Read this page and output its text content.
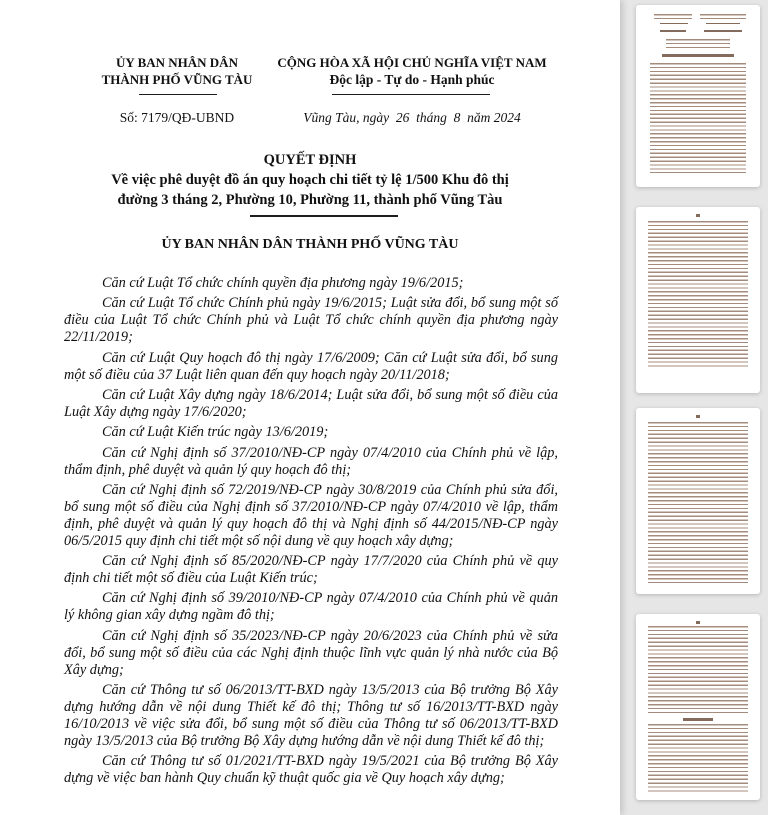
ỦY BAN NHÂN DÂN
THÀNH PHỐ VŨNG TÀU
CỘNG HÒA XÃ HỘI CHỦ NGHĨA VIỆT NAM
Độc lập - Tự do - Hạnh phúc
Số: 7179/QĐ-UBND	Vũng Tàu, ngày  26  tháng  8  năm 2024
QUYẾT ĐỊNH
Về việc phê duyệt đồ án quy hoạch chi tiết tỷ lệ 1/500 Khu đô thị
đường 3 tháng 2, Phường 10, Phường 11, thành phố Vũng Tàu
ỦY BAN NHÂN DÂN THÀNH PHỐ VŨNG TÀU

Căn cứ Luật Tổ chức chính quyền địa phương ngày 19/6/2015;

Căn cứ Luật Tổ chức Chính phủ ngày 19/6/2015; Luật sửa đổi, bổ sung một số điều của Luật Tổ chức Chính phủ và Luật Tổ chức chính quyền địa phương ngày 22/11/2019;

Căn cứ Luật Quy hoạch đô thị ngày 17/6/2009; Căn cứ Luật sửa đổi, bổ sung một số điều của 37 Luật liên quan đến quy hoạch ngày 20/11/2018;

Căn cứ Luật Xây dựng ngày 18/6/2014; Luật sửa đổi, bổ sung một số điều của Luật Xây dựng ngày 17/6/2020;

Căn cứ Luật Kiến trúc ngày 13/6/2019;

Căn cứ Nghị định số 37/2010/NĐ-CP ngày 07/4/2010 của Chính phủ về lập, thẩm định, phê duyệt và quản lý quy hoạch đô thị;

Căn cứ Nghị định số 72/2019/NĐ-CP ngày 30/8/2019 của Chính phủ sửa đổi, bổ sung một số điều của Nghị định số 37/2010/NĐ-CP ngày 07/4/2010 về lập, thẩm định, phê duyệt và quản lý quy hoạch đô thị và Nghị định số 44/2015/NĐ-CP ngày 06/5/2015 quy định chi tiết một số nội dung về quy hoạch xây dựng;

Căn cứ Nghị định số 85/2020/NĐ-CP ngày 17/7/2020 của Chính phủ về quy định chi tiết một số điều của Luật Kiến trúc;

Căn cứ Nghị định số 39/2010/NĐ-CP ngày 07/4/2010 của Chính phủ về quản lý không gian xây dựng ngầm đô thị;

Căn cứ Nghị định số 35/2023/NĐ-CP ngày 20/6/2023 của Chính phủ về sửa đổi, bổ sung một số điều của các Nghị định thuộc lĩnh vực quản lý nhà nước của Bộ Xây dựng;

Căn cứ Thông tư số 06/2013/TT-BXD ngày 13/5/2013 của Bộ trưởng Bộ Xây dựng hướng dẫn về nội dung Thiết kế đô thị; Thông tư số 16/2013/TT-BXD ngày 16/10/2013 về việc sửa đổi, bổ sung một số điều của Thông tư số 06/2013/TT-BXD ngày 13/5/2013 của Bộ trưởng Bộ Xây dựng hướng dẫn về nội dung Thiết kế đô thị;

Căn cứ Thông tư số 01/2021/TT-BXD ngày 19/5/2021 của Bộ trưởng Bộ Xây dựng về việc ban hành Quy chuẩn kỹ thuật quốc gia về Quy hoạch xây dựng;
